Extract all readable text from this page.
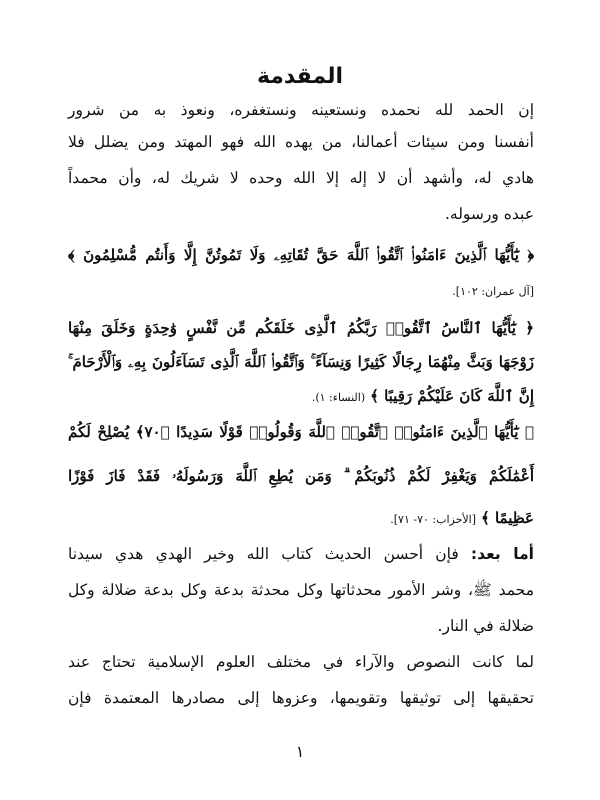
المقدمة
إن الحمد لله نحمده ونستعينه ونستغفره، ونعوذ به من شرور
أنفسنا ومن سيئات أعمالنا، من يهده الله فهو المهتد ومن يضلل فلا
هادي له، وأشهد أن لا إله إلا الله وحده لا شريك له، وأن محمداً
عبده ورسوله.
﴿ يَٰٓأَيُّهَا ٱلَّذِينَ ءَامَنُوا۟ ٱتَّقُوا۟ ٱللَّهَ حَقَّ تُقَاتِهِۦ وَلَا تَمُوتُنَّ إِلَّا وَأَنتُم مُّسْلِمُونَ ﴾
[آل عمران: ١٠٢].
﴿ يَٰٓأَيُّهَا ٱلنَّاسُ ٱتَّقُوا۟ رَبَّكُمُ ٱلَّذِى خَلَقَكُم مِّن نَّفْسٍ وَٰحِدَةٍ وَخَلَقَ مِنْهَا
زَوْجَهَا وَبَثَّ مِنْهُمَا رِجَالًا كَثِيرًا وَنِسَآءً ۚ وَٱتَّقُوا۟ ٱللَّهَ ٱلَّذِى تَسَآءَلُونَ بِهِۦ وَٱلْأَرْحَامَ ۚ
إِنَّ ٱللَّهَ كَانَ عَلَيْكُمْ رَقِيبًا ﴾ (النساء: ١).
﴿ يَٰٓأَيُّهَا ٱلَّذِينَ ءَامَنُوا۟ ٱتَّقُوا۟ ٱللَّهَ وَقُولُوا۟ قَوْلًا سَدِيدًا ﴿٧٠﴾ يُصْلِحْ لَكُمْ
أَعْمَٰلَكُمْ وَيَغْفِرْ لَكُمْ ذُنُوبَكُمْ ۗ وَمَن يُطِعِ ٱللَّهَ وَرَسُولَهُۥ فَقَدْ فَازَ فَوْزًا
عَظِيمًا ﴾ [الأحزاب: ٧٠- ٧١].
أما بعد: فإن أحسن الحديث كتاب الله وخير الهدي هدي سيدنا
محمد ﷺ، وشر الأمور محدثاتها وكل محدثة بدعة وكل بدعة ضلالة وكل
ضلالة في النار.
لما كانت النصوص والآراء في مختلف العلوم الإسلامية تحتاج عند
تحقيقها إلى توثيقها وتقويمها، وعزوها إلى مصادرها المعتمدة فإن
١
